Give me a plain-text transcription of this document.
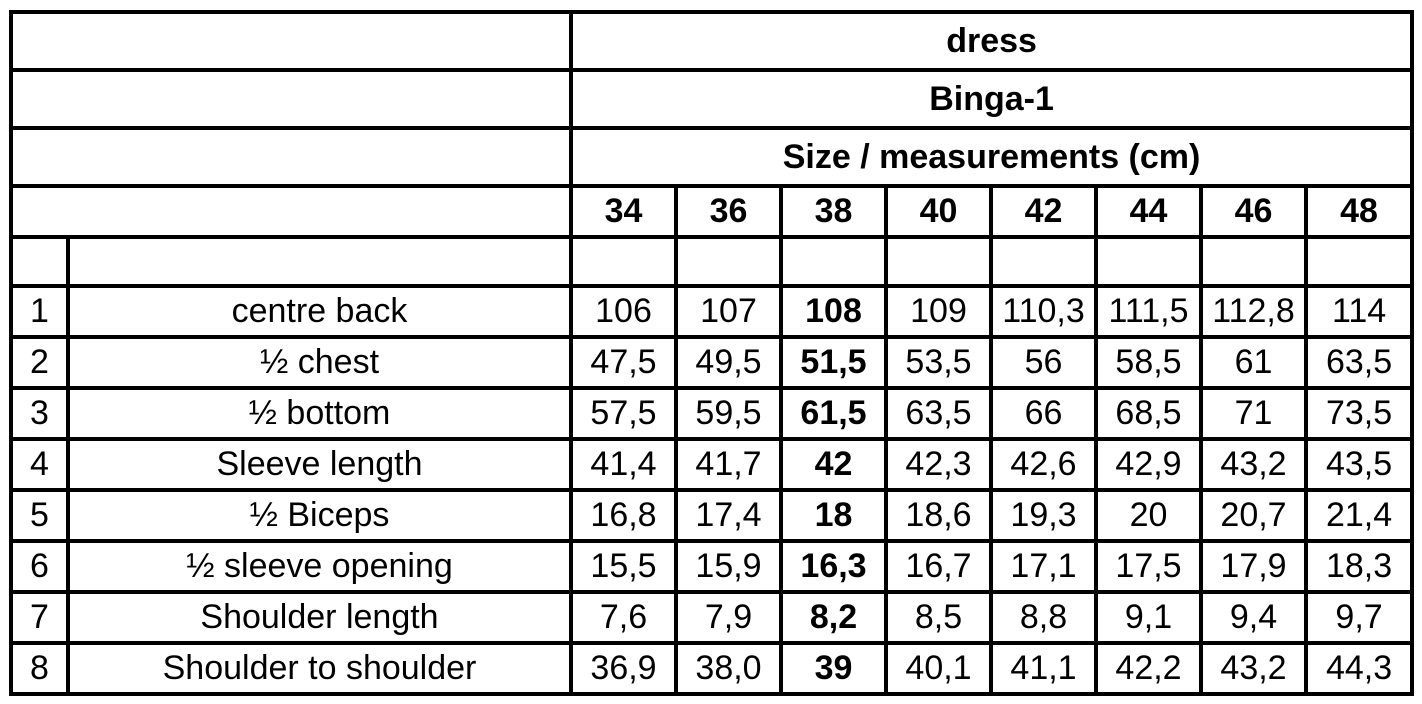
		dress							
		Binga-1							
		Size / measurements (cm)							
		34	36	38	40	42	44	46	48

1	centre back	106	107	108	109	110,3	111,5	112,8	114
2	½ chest	47,5	49,5	51,5	53,5	56	58,5	61	63,5
3	½ bottom	57,5	59,5	61,5	63,5	66	68,5	71	73,5
4	Sleeve length	41,4	41,7	42	42,3	42,6	42,9	43,2	43,5
5	½ Biceps	16,8	17,4	18	18,6	19,3	20	20,7	21,4
6	½ sleeve opening	15,5	15,9	16,3	16,7	17,1	17,5	17,9	18,3
7	Shoulder length	7,6	7,9	8,2	8,5	8,8	9,1	9,4	9,7
8	Shoulder to shoulder	36,9	38,0	39	40,1	41,1	42,2	43,2	44,3
